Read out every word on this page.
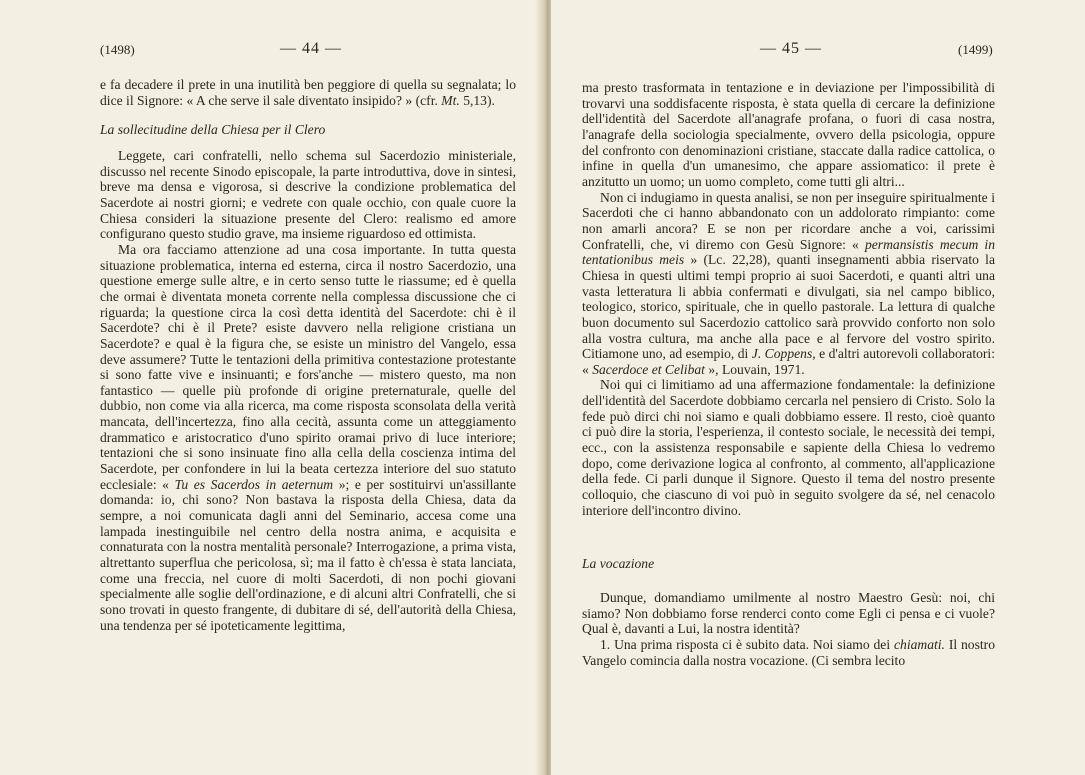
(1498)	— 44 —

e fa decadere il prete in una inutilità ben peggiore di quella su segnalata; lo dice il Signore: « A che serve il sale diventato insipido? » (cfr. Mt. 5,13).

La sollecitudine della Chiesa per il Clero

Leggete, cari confratelli, nello schema sul Sacerdozio ministeriale, discusso nel recente Sinodo episcopale, la parte introduttiva, dove in sintesi, breve ma densa e vigorosa, si descrive la condizione problematica del Sacerdote ai nostri giorni; e vedrete con quale occhio, con quale cuore la Chiesa consideri la situazione presente del Clero: realismo ed amore configurano questo studio grave, ma insieme riguardoso ed ottimista.

Ma ora facciamo attenzione ad una cosa importante. In tutta questa situazione problematica, interna ed esterna, circa il nostro Sacerdozio, una questione emerge sulle altre, e in certo senso tutte le riassume; ed è quella che ormai è diventata moneta corrente nella complessa discussione che ci riguarda; la questione circa la così detta identità del Sacerdote: chi è il Sacerdote? chi è il Prete? esiste davvero nella religione cristiana un Sacerdote? e qual è la figura che, se esiste un ministro del Vangelo, essa deve assumere? Tutte le tentazioni della primitiva contestazione protestante si sono fatte vive e insinuanti; e fors'anche — mistero questo, ma non fantastico — quelle più profonde di origine preternaturale, quelle del dubbio, non come via alla ricerca, ma come risposta sconsolata della verità mancata, dell'incertezza, fino alla cecità, assunta come un atteggiamento drammatico e aristocratico d'uno spirito oramai privo di luce interiore; tentazioni che si sono insinuate fino alla cella della coscienza intima del Sacerdote, per confondere in lui la beata certezza interiore del suo statuto ecclesiale: « Tu es Sacerdos in aeternum »; e per sostituirvi un'assillante domanda: io, chi sono? Non bastava la risposta della Chiesa, data da sempre, a noi comunicata dagli anni del Seminario, accesa come una lampada inestinguibile nel centro della nostra anima, e acquisita e connaturata con la nostra mentalità personale? Interrogazione, a prima vista, altrettanto superflua che pericolosa, sì; ma il fatto è ch'essa è stata lanciata, come una freccia, nel cuore di molti Sacerdoti, di non pochi giovani specialmente alle soglie dell'ordinazione, e di alcuni altri Confratelli, che si sono trovati in questo frangente, di dubitare di sé, dell'autorità della Chiesa, una tendenza per sé ipoteticamente legittima,

— 45 —	(1499)

ma presto trasformata in tentazione e in deviazione per l'impossibilità di trovarvi una soddisfacente risposta, è stata quella di cercare la definizione dell'identità del Sacerdote all'anagrafe profana, o fuori di casa nostra, l'anagrafe della sociologia specialmente, ovvero della psicologia, oppure del confronto con denominazioni cristiane, staccate dalla radice cattolica, o infine in quella d'un umanesimo, che appare assiomatico: il prete è anzitutto un uomo; un uomo completo, come tutti gli altri...

Non ci indugiamo in questa analisi, se non per inseguire spiritualmente i Sacerdoti che ci hanno abbandonato con un addolorato rimpianto: come non amarli ancora? E se non per ricordare anche a voi, carissimi Confratelli, che, vi diremo con Gesù Signore: « permansistis mecum in tentationibus meis » (Lc. 22,28), quanti insegnamenti abbia riservato la Chiesa in questi ultimi tempi proprio ai suoi Sacerdoti, e quanti altri una vasta letteratura li abbia confermati e divulgati, sia nel campo biblico, teologico, storico, spirituale, che in quello pastorale. La lettura di qualche buon documento sul Sacerdozio cattolico sarà provvido conforto non solo alla vostra cultura, ma anche alla pace e al fervore del vostro spirito. Citiamone uno, ad esempio, di J. Coppens, e d'altri autorevoli collaboratori: « Sacerdoce et Celibat », Louvain, 1971.

Noi qui ci limitiamo ad una affermazione fondamentale: la definizione dell'identità del Sacerdote dobbiamo cercarla nel pensiero di Cristo. Solo la fede può dirci chi noi siamo e quali dobbiamo essere. Il resto, cioè quanto ci può dire la storia, l'esperienza, il contesto sociale, le necessità dei tempi, ecc., con la assistenza responsabile e sapiente della Chiesa lo vedremo dopo, come derivazione logica al confronto, al commento, all'applicazione della fede. Ci parli dunque il Signore. Questo il tema del nostro presente colloquio, che ciascuno di voi può in seguito svolgere da sé, nel cenacolo interiore dell'incontro divino.

La vocazione

Dunque, domandiamo umilmente al nostro Maestro Gesù: noi, chi siamo? Non dobbiamo forse renderci conto come Egli ci pensa e ci vuole? Qual è, davanti a Lui, la nostra identità?

1. Una prima risposta ci è subito data. Noi siamo dei chiamati. Il nostro Vangelo comincia dalla nostra vocazione. (Ci sembra lecito
